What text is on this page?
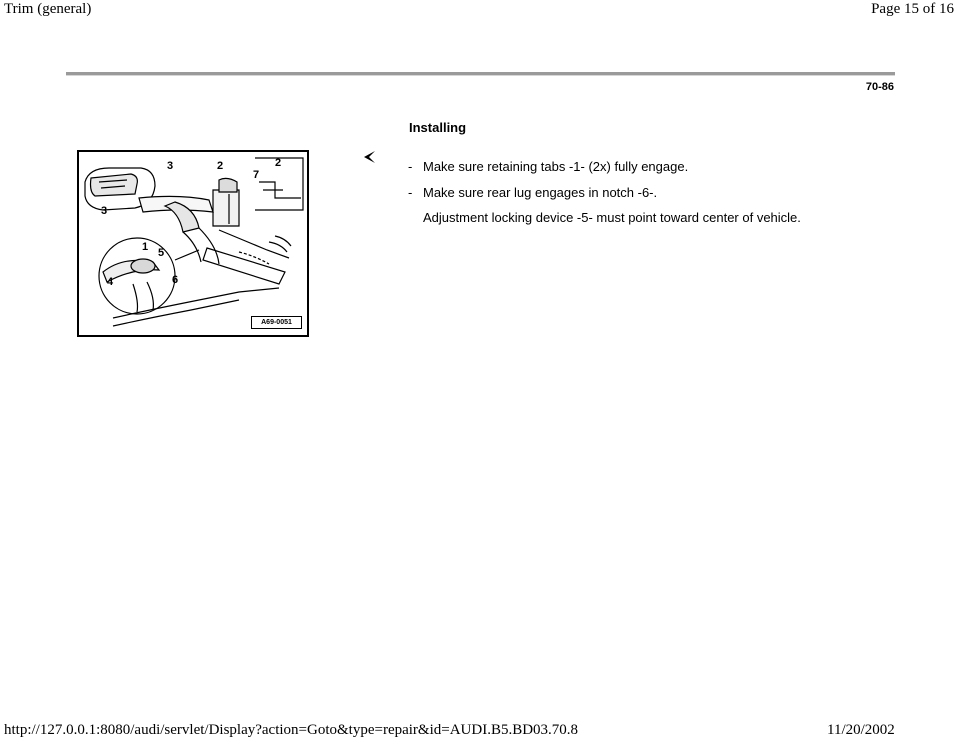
Trim (general)	Page 15 of 16
70-86
Installing
3	2
7
2
3
1 5
4	6
A69-0051
- Make sure retaining tabs -1- (2x) fully engage.
- Make sure rear lug engages in notch -6-.
Adjustment locking device -5- must point toward center of vehicle.
http://127.0.0.1:8080/audi/servlet/Display?action=Goto&type=repair&id=AUDI.B5.BD03.70.8	11/20/2002
